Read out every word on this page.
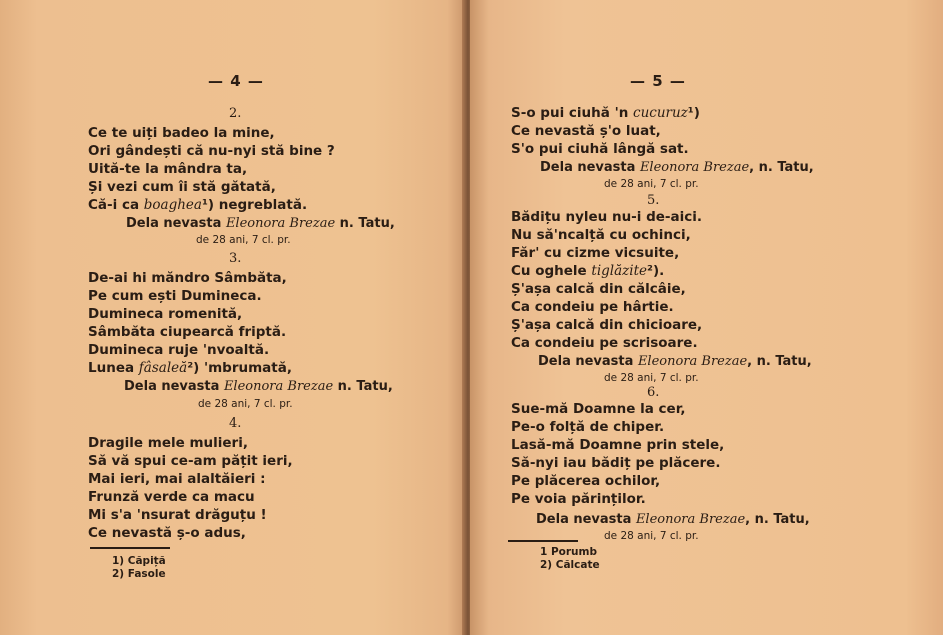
— 4 —
2.
Ce te uiți badeo la mine,
Ori gândești că nu-nyi stă bine ?
Uită-te la mândra ta,
Și vezi cum îi stă gătată,
Că-i ca boaghea¹) negreblată.
Dela nevasta Eleonora Brezae n. Tatu,
de 28 ani, 7 cl. pr.
3.
De-ai hi măndro Sâmbăta,
Pe cum ești Dumineca.
Dumineca romenită,
Sâmbăta ciupearcă friptă.
Dumineca ruje 'nvoaltă.
Lunea fâsaleă²) 'mbrumată,
Dela nevasta Eleonora Brezae n. Tatu,
de 28 ani, 7 cl. pr.
4.
Dragile mele mulieri,
Să vă spui ce-am pățit ieri,
Mai ieri, mai alaltăieri :
Frunză verde ca macu
Mi s'a 'nsurat drăguțu !
Ce nevastă ș-o adus,
1) Căpiță
2) Fasole
— 5 —
S-o pui ciuhă 'n cucuruz¹)
Ce nevastă ș'o luat,
S'o pui ciuhă lângă sat.
Dela nevasta Eleonora Brezae, n. Tatu,
de 28 ani, 7 cl. pr.
5.
Bădițu nyleu nu-i de-aici.
Nu să'ncalță cu ochinci,
Făr' cu cizme vicsuite,
Cu oghele tiglăzite²).
Ș'așa calcă din călcâie,
Ca condeiu pe hârtie.
Ș'așa calcă din chicioare,
Ca condeiu pe scrisoare.
Dela nevasta Eleonora Brezae, n. Tatu,
de 28 ani, 7 cl. pr.
6.
Sue-mă Doamne la cer,
Pe-o folță de chiper.
Lasă-mă Doamne prin stele,
Să-nyi iau bădiț pe plăcere.
Pe plăcerea ochilor,
Pe voia părinților.
Dela nevasta Eleonora Brezae, n. Tatu,
de 28 ani, 7 cl. pr.
1 Porumb
2) Călcate
